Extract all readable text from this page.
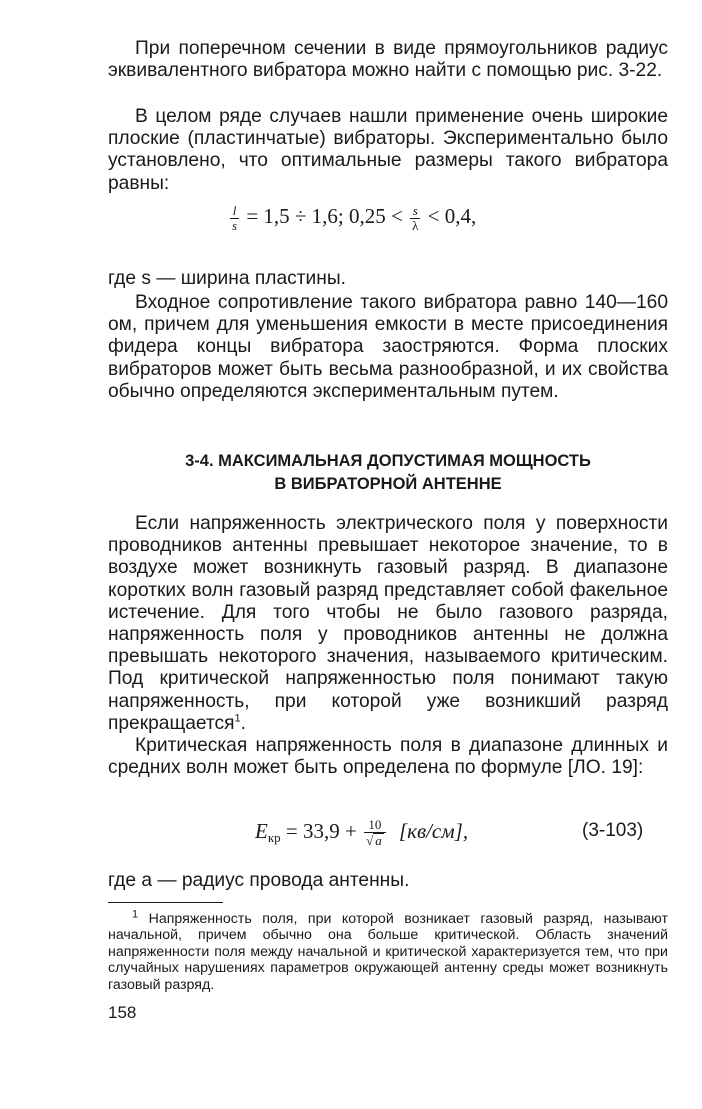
При поперечном сечении в виде прямоугольников радиус эквивалентного вибратора можно найти с помощью рис. 3-22.

В целом ряде случаев нашли применение очень широкие плоские (пластинчатые) вибраторы. Экспериментально было установлено, что оптимальные размеры такого вибратора равны:

$\frac{l}{s} = 1,5 \div 1,6$; $0,25 < \frac{s}{\lambda} < 0,4$,

где s — ширина пластины.

Входное сопротивление такого вибратора равно 140—160 ом, причем для уменьшения емкости в месте присоединения фидера концы вибратора заостряются. Форма плоских вибраторов может быть весьма разнообразной, и их свойства обычно определяются экспериментальным путем.

3-4. МАКСИМАЛЬНАЯ ДОПУСТИМАЯ МОЩНОСТЬ

В ВИБРАТОРНОЙ АНТЕННЕ

Если напряженность электрического поля у поверхности проводников антенны превышает некоторое значение, то в воздухе может возникнуть газовый разряд. В диапазоне коротких волн газовый разряд представляет собой факельное истечение. Для того чтобы не было газового разряда, напряженность поля у проводников антенны не должна превышать некоторого значения, называемого критическим. Под критической напряженностью поля понимают такую напряженность, при которой уже возникший разряд прекращается$^1$.

Критическая напряженность поля в диапазоне длинных и средних волн может быть определена по формуле [ЛО. 19]:

Eкр = $33,9 + \frac{10}{√ a} [кв/см]$,	(3-103)

где a — радиус провода антенны.

$^1$ Напряженность поля, при которой возникает газовый разряд, называют начальной, причем обычно она больше критической. Область значений напряженности поля между начальной и критической характеризуется тем, что при случайных нарушениях параметров окружающей антенну среды может возникнуть газовый разряд.

158
